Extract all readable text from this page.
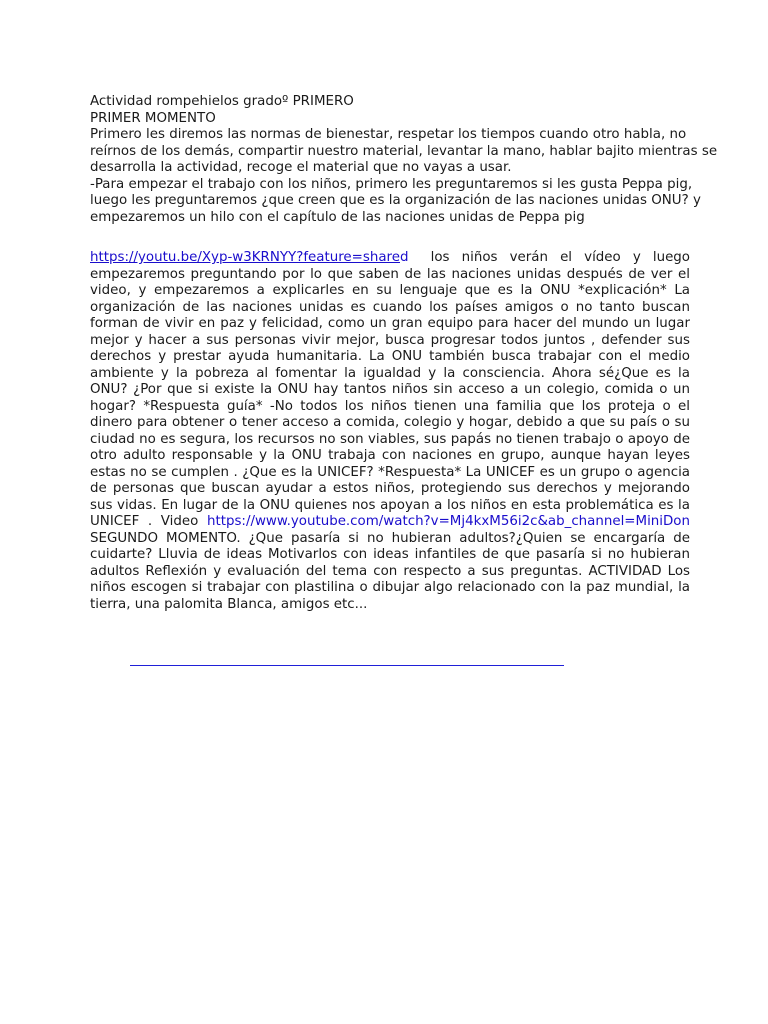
Actividad rompehielos gradoº PRIMERO
PRIMER MOMENTO
Primero les diremos las normas de bienestar, respetar los tiempos cuando otro habla, no
reírnos de los demás, compartir nuestro material, levantar la mano, hablar bajito mientras se
desarrolla la actividad, recoge el material que no vayas a usar.
-Para empezar el trabajo con los niños, primero les preguntaremos si les gusta Peppa pig,
luego les preguntaremos ¿que creen que es la organización de las naciones unidas ONU? y
empezaremos un hilo con el capítulo de las naciones unidas de Peppa pig
https://youtu.be/Xyp-w3KRNYY?feature=shared los niños verán el vídeo y luego empezaremos preguntando por lo que saben de las naciones unidas después de ver el video, y empezaremos a explicarles en su lenguaje que es la ONU *explicación* La organización de las naciones unidas es cuando los países amigos o no tanto buscan forman de vivir en paz y felicidad, como un gran equipo para hacer del mundo un lugar mejor y hacer a sus personas vivir mejor, busca progresar todos juntos , defender sus derechos y prestar ayuda humanitaria. La ONU también busca trabajar con el medio ambiente y la pobreza al fomentar la igualdad y la consciencia. Ahora sé¿Que es la ONU? ¿Por que si existe la ONU hay tantos niños sin acceso a un colegio, comida o un hogar? *Respuesta guía* -No todos los niños tienen una familia que los proteja o el dinero para obtener o tener acceso a comida, colegio y hogar, debido a que su país o su ciudad no es segura, los recursos no son viables, sus papás no tienen trabajo o apoyo de otro adulto responsable y la ONU trabaja con naciones en grupo, aunque hayan leyes estas no se cumplen . ¿Que es la UNICEF? *Respuesta* La UNICEF es un grupo o agencia de personas que buscan ayudar a estos niños, protegiendo sus derechos y mejorando sus vidas. En lugar de la ONU quienes nos apoyan a los niños en esta problemática es la UNICEF . Video https://www.youtube.com/watch?v=Mj4kxM56i2c&ab_channel=MiniDon SEGUNDO MOMENTO. ¿Que pasaría si no hubieran adultos?¿Quien se encargaría de cuidarte? Lluvia de ideas Motivarlos con ideas infantiles de que pasaría si no hubieran adultos Reflexión y evaluación del tema con respecto a sus preguntas. ACTIVIDAD Los niños escogen si trabajar con plastilina o dibujar algo relacionado con la paz mundial, la tierra, una palomita Blanca, amigos etc...
